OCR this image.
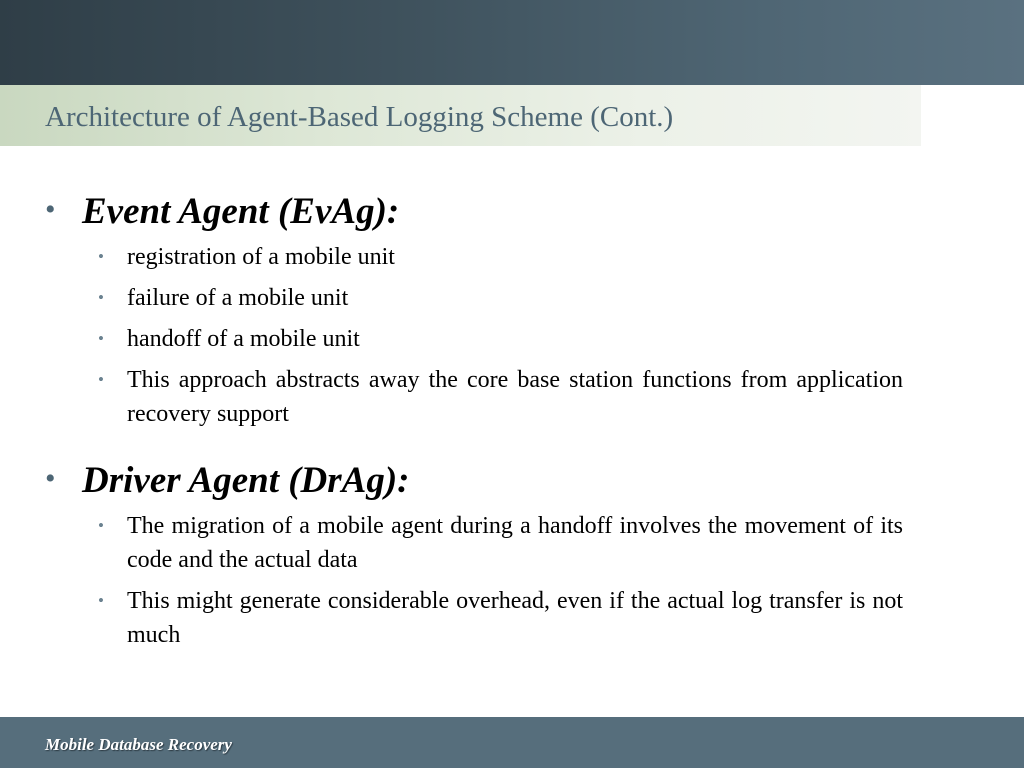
Architecture of Agent-Based Logging Scheme (Cont.)
• Event Agent (EvAg):
• registration of a mobile unit
• failure of a mobile unit
• handoff of a mobile unit
• This approach abstracts away the core base station functions from application recovery support
• Driver Agent (DrAg):
• The migration of a mobile agent during a handoff involves the movement of its code and the actual data
• This might generate considerable overhead, even if the actual log transfer is not much
Mobile Database Recovery
